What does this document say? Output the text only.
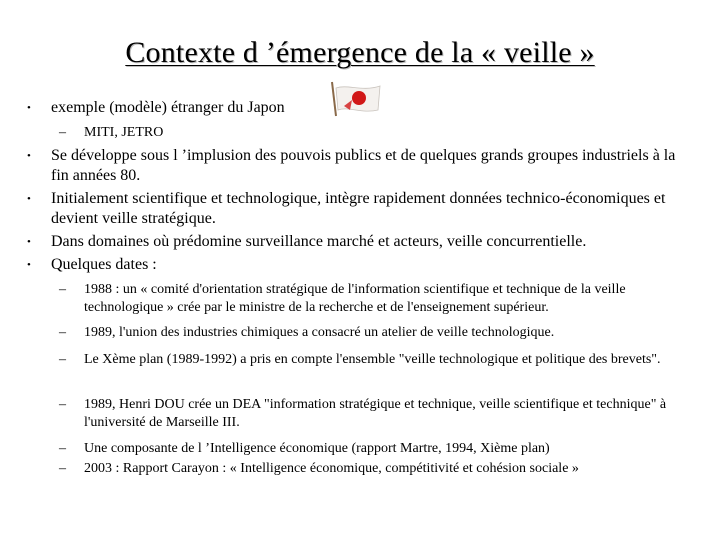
Contexte d ’émergence de la « veille »
• exemple (modèle) étranger du Japon
– MITI, JETRO
• Se développe sous l ’implusion des pouvois publics et de quelques grands groupes industriels à la fin années 80.
• Initialement scientifique et technologique, intègre rapidement données technico-économiques et devient veille stratégique.
• Dans domaines où prédomine surveillance marché et acteurs, veille concurrentielle.
• Quelques dates :
– 1988 : un « comité d'orientation stratégique de l'information scientifique et technique de la veille technologique » crée par le ministre de la recherche et de l'enseignement supérieur.
– 1989, l'union des industries chimiques a consacré un atelier de veille technologique.
– Le Xème plan (1989-1992) a pris en compte l'ensemble "veille technologique et politique des brevets".
– 1989, Henri DOU crée un DEA "information stratégique et technique, veille scientifique et technique" à l'université de Marseille III.
– Une composante de l ’Intelligence économique (rapport Martre, 1994, Xième plan)
– 2003 : Rapport Carayon : « Intelligence économique, compétitivité et cohésion sociale »
